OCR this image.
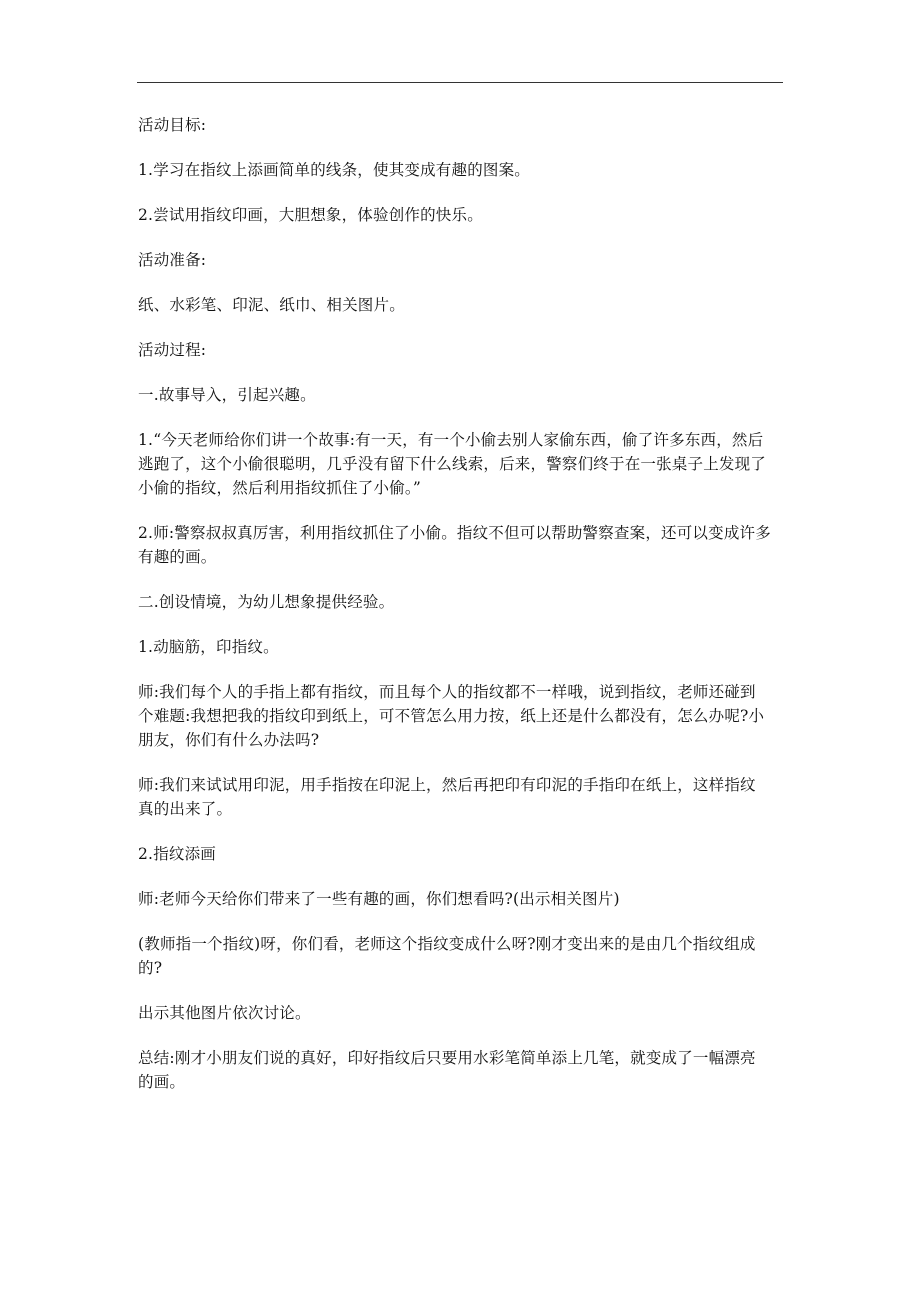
活动目标:

1.学习在指纹上添画简单的线条，使其变成有趣的图案。

2.尝试用指纹印画，大胆想象，体验创作的快乐。

活动准备:

纸、水彩笔、印泥、纸巾、相关图片。

活动过程:

一.故事导入，引起兴趣。

1.“今天老师给你们讲一个故事:有一天，有一个小偷去别人家偷东西，偷了许多东西，然后
逃跑了，这个小偷很聪明，几乎没有留下什么线索，后来，警察们终于在一张桌子上发现了
小偷的指纹，然后利用指纹抓住了小偷。”

2.师:警察叔叔真厉害，利用指纹抓住了小偷。指纹不但可以帮助警察查案，还可以变成许多
有趣的画。

二.创设情境，为幼儿想象提供经验。

1.动脑筋，印指纹。

师:我们每个人的手指上都有指纹，而且每个人的指纹都不一样哦，说到指纹，老师还碰到
个难题:我想把我的指纹印到纸上，可不管怎么用力按，纸上还是什么都没有，怎么办呢?小
朋友，你们有什么办法吗?

师:我们来试试用印泥，用手指按在印泥上，然后再把印有印泥的手指印在纸上，这样指纹
真的出来了。

2.指纹添画

师:老师今天给你们带来了一些有趣的画，你们想看吗?(出示相关图片)

(教师指一个指纹)呀，你们看，老师这个指纹变成什么呀?刚才变出来的是由几个指纹组成
的?

出示其他图片依次讨论。

总结:刚才小朋友们说的真好，印好指纹后只要用水彩笔简单添上几笔，就变成了一幅漂亮
的画。
